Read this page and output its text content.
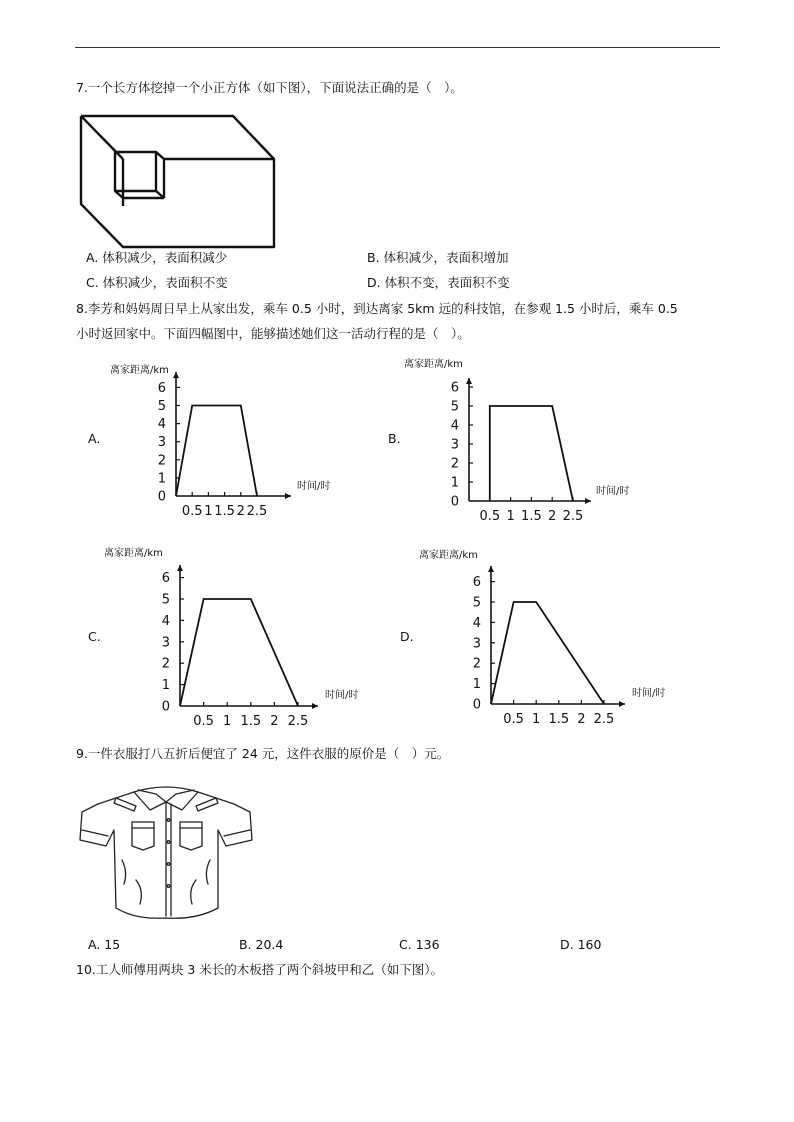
7.一个长方体挖掉一个小正方体（如下图），下面说法正确的是（　）。
A. 体积减少，表面积减少	B. 体积减少，表面积增加
C. 体积减少，表面积不变	D. 体积不变，表面积不变
8.李芳和妈妈周日早上从家出发，乘车 0.5 小时，到达离家 5km 远的科技馆，在参观 1.5 小时后，乘车 0.5
小时返回家中。下面四幅图中，能够描述她们这一活动行程的是（　）。
A.	B.
C.	D.
0
1
2
3
4
5
6
0.5 1 1.5 2 2.5
离家距离/km
时间/时
0
1
2
3
4
5
6
0.5 1 1.5 2 2.5
离家距离/km
时间/时
0
1
2
3
4
5
6
0.5 1 1.5 2 2.5
离家距离/km
时间/时
0
1
2
3
4
5
6
0.5 1 1.5 2 2.5
离家距离/km
时间/时
9.一件衣服打八五折后便宜了 24 元，这件衣服的原价是（　）元。
A. 15	B. 20.4	C. 136	D. 160
10.工人师傅用两块 3 米长的木板搭了两个斜坡甲和乙（如下图）。
